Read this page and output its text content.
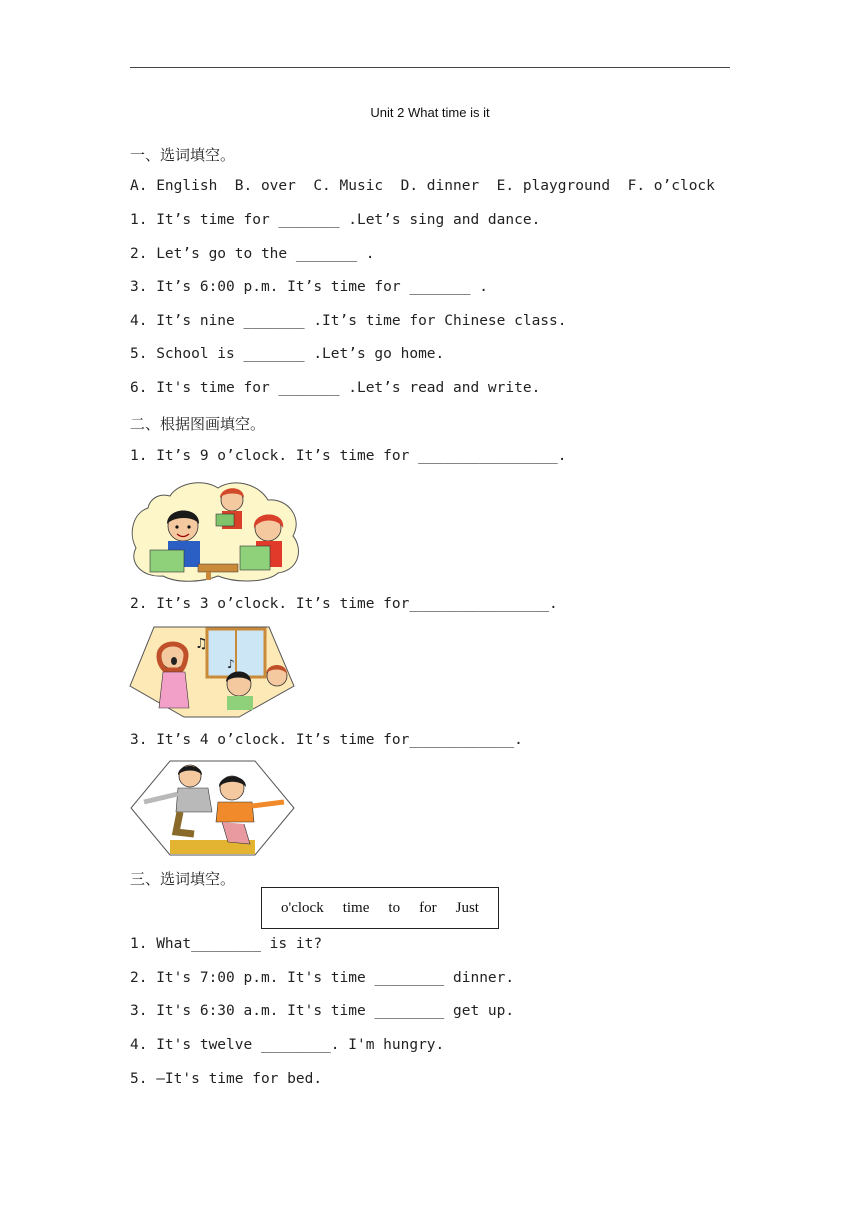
Unit 2 What time is it
一、选词填空。
A. English  B. over  C. Music  D. dinner  E. playground  F. o’clock
1. It’s time for _______ .Let’s sing and dance.
2. Let’s go to the _______ .
3. It’s 6:00 p.m. It’s time for _______ .
4. It’s nine _______ .It’s time for Chinese class.
5. School is _______ .Let’s go home.
6. It's time for _______ .Let’s read and write.
二、根据图画填空。
1. It’s 9 o’clock. It’s time for ________________.
2. It’s 3 o’clock. It’s time for________________.
♫
♪
3. It’s 4 o’clock. It’s time for____________.
三、选词填空。
o'clock time to for Just
1. What________ is it?
2. It's 7:00 p.m. It's time ________ dinner.
3. It's 6:30 a.m. It's time ________ get up.
4. It's twelve ________. I'm hungry.
5. —It's time for bed.
